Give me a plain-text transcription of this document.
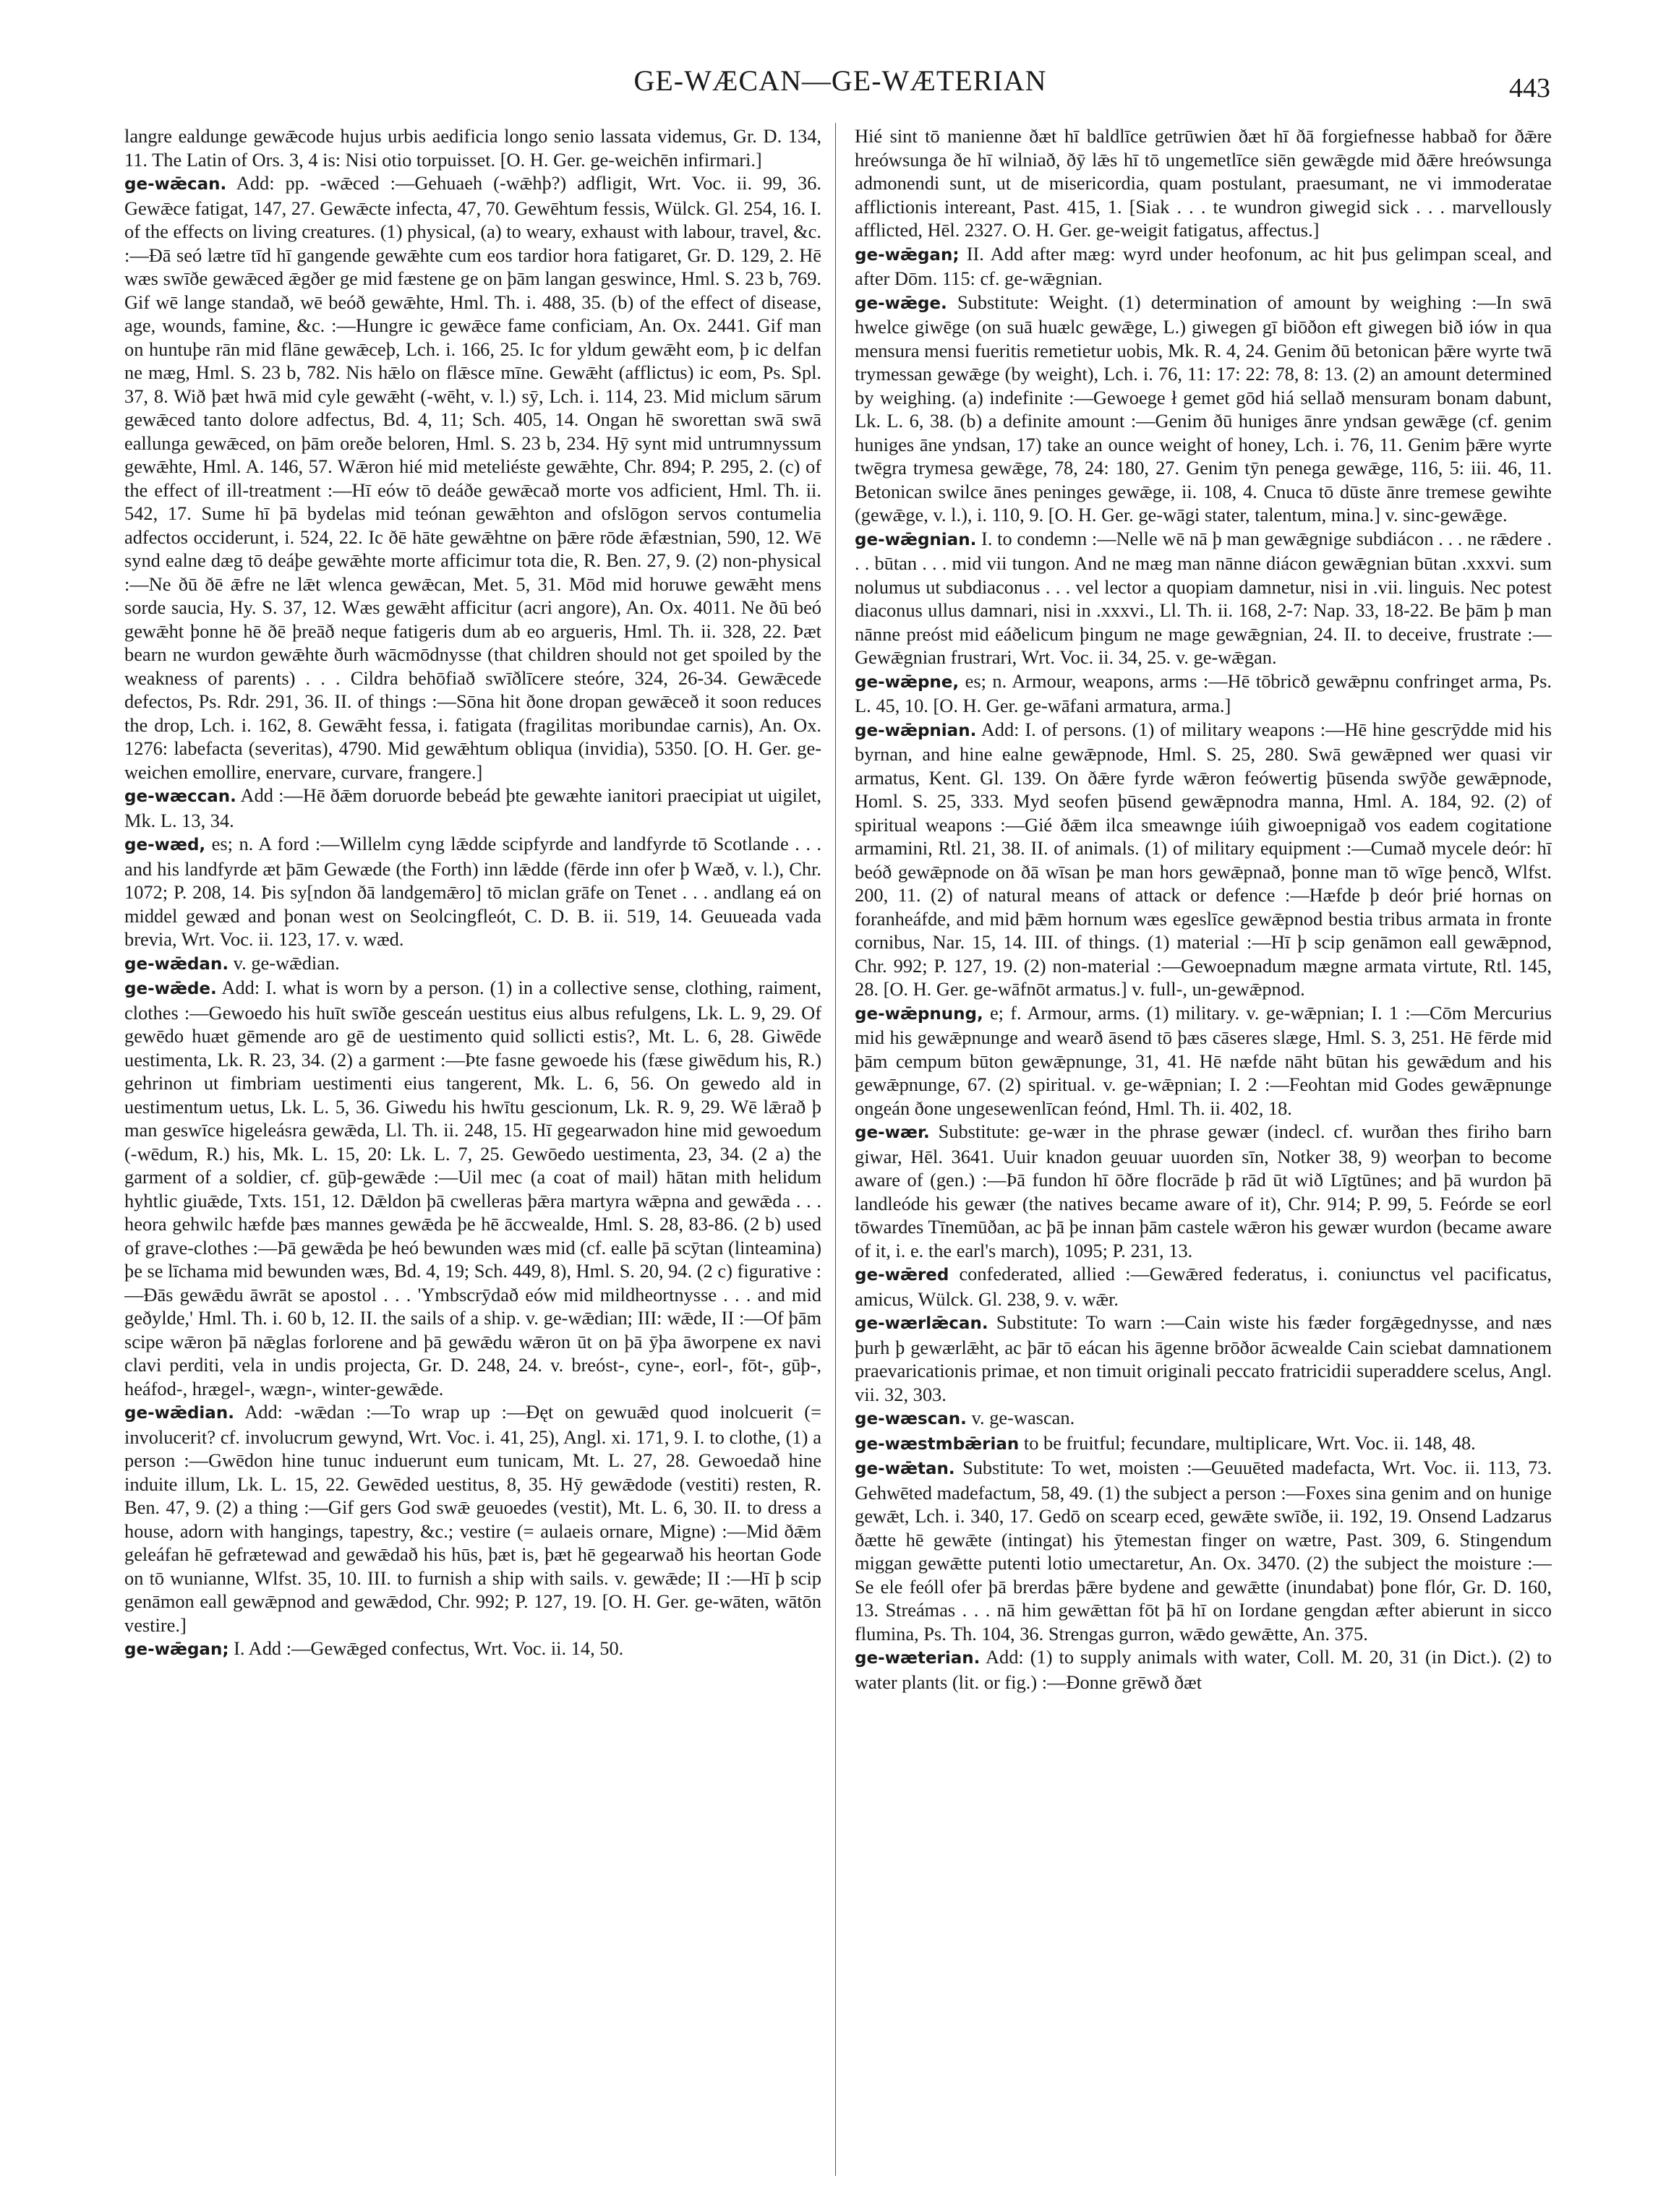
GE-WÆCAN—GE-WÆTERIAN	443

langre ealdunge gewǣcode hujus urbis aedificia longo senio lassata videmus, Gr. D. 134, 11. The Latin of Ors. 3, 4 is: Nisi otio torpuisset. [O. H. Ger. ge-weichēn infirmari.]

ge-wǣcan. Add: pp. -wǣced :—Gehuaeh (-wǣhþ?) adfligit, Wrt. Voc. ii. 99, 36. Gewǣce fatigat, 147, 27. Gewǣcte infecta, 47, 70. Gewēhtum fessis, Wülck. Gl. 254, 16. I. of the effects on living creatures. (1) physical, (a) to weary, exhaust with labour, travel, &c. :—Ðā seó lætre tīd hī gangende gewǣhte cum eos tardior hora fatigaret, Gr. D. 129, 2. Hē wæs swīðe gewǣced ǣgðer ge mid fæstene ge on þām langan geswince, Hml. S. 23 b, 769. Gif wē lange standað, wē beóð gewǣhte, Hml. Th. i. 488, 35. (b) of the effect of disease, age, wounds, famine, &c. :—Hungre ic gewǣce fame conficiam, An. Ox. 2441. Gif man on huntuþe rān mid flāne gewǣceþ, Lch. i. 166, 25. Ic for yldum gewǣht eom, þ ic delfan ne mæg, Hml. S. 23 b, 782. Nis hǣlo on flǣsce mīne. Gewǣht (afflictus) ic eom, Ps. Spl. 37, 8. Wið þæt hwā mid cyle gewǣht (-wēht, v. l.) sȳ, Lch. i. 114, 23. Mid miclum sārum gewǣced tanto dolore adfectus, Bd. 4, 11; Sch. 405, 14. Ongan hē sworettan swā swā eallunga gewǣced, on þām oreðe beloren, Hml. S. 23 b, 234. Hȳ synt mid untrumnyssum gewǣhte, Hml. A. 146, 57. Wǣron hié mid meteliéste gewǣhte, Chr. 894; P. 295, 2. (c) of the effect of ill-treatment :—Hī eów tō deáðe gewǣcað morte vos adficient, Hml. Th. ii. 542, 17. Sume hī þā bydelas mid teónan gewǣhton and ofslōgon servos contumelia adfectos occiderunt, i. 524, 22. Ic ðē hāte gewǣhtne on þǣre rōde ǣfæstnian, 590, 12. Wē synd ealne dæg tō deáþe gewǣhte morte afficimur tota die, R. Ben. 27, 9. (2) non-physical :—Ne ðū ðē ǣfre ne lǣt wlenca gewǣcan, Met. 5, 31. Mōd mid horuwe gewǣht mens sorde saucia, Hy. S. 37, 12. Wæs gewǣht afficitur (acri angore), An. Ox. 4011. Ne ðū beó gewǣht þonne hē ðē þreāð neque fatigeris dum ab eo argueris, Hml. Th. ii. 328, 22. Þæt bearn ne wurdon gewǣhte ðurh wācmōdnysse (that children should not get spoiled by the weakness of parents) . . . Cildra behōfiað swīðlīcere steóre, 324, 26-34. Gewǣcede defectos, Ps. Rdr. 291, 36. II. of things :—Sōna hit ðone dropan gewǣceð it soon reduces the drop, Lch. i. 162, 8. Gewǣht fessa, i. fatigata (fragilitas moribundae carnis), An. Ox. 1276: labefacta (severitas), 4790. Mid gewǣhtum obliqua (invidia), 5350. [O. H. Ger. ge-weichen emollire, enervare, curvare, frangere.]

ge-wæccan. Add :—Hē ðǣm doruorde bebeád þte gewæhte ianitori praecipiat ut uigilet, Mk. L. 13, 34.

ge-wæd, es; n. A ford :—Willelm cyng lǣdde scipfyrde and landfyrde tō Scotlande . . . and his landfyrde æt þām Gewæde (the Forth) inn lǣdde (fērde inn ofer þ Wæð, v. l.), Chr. 1072; P. 208, 14. Þis sy[ndon ðā landgemǣro] tō miclan grāfe on Tenet . . . andlang eá on middel gewæd and þonan west on Seolcingfleót, C. D. B. ii. 519, 14. Geuueada vada brevia, Wrt. Voc. ii. 123, 17. v. wæd.

ge-wǣdan. v. ge-wǣdian.

ge-wǣde. Add: I. what is worn by a person. (1) in a collective sense, clothing, raiment, clothes :—Gewoedo his huīt swīðe gesceán uestitus eius albus refulgens, Lk. L. 9, 29. Of gewēdo huæt gēmende aro gē de uestimento quid sollicti estis?, Mt. L. 6, 28. Giwēde uestimenta, Lk. R. 23, 34. (2) a garment :—Þte fasne gewoede his (fæse giwēdum his, R.) gehrinon ut fimbriam uestimenti eius tangerent, Mk. L. 6, 56. On gewedo ald in uestimentum uetus, Lk. L. 5, 36. Giwedu his hwītu gescionum, Lk. R. 9, 29. Wē lǣrað þ man geswīce higeleásra gewǣda, Ll. Th. ii. 248, 15. Hī gegearwadon hine mid gewoedum (-wēdum, R.) his, Mk. L. 15, 20: Lk. L. 7, 25. Gewōedo uestimenta, 23, 34. (2 a) the garment of a soldier, cf. gūþ-gewǣde :—Uil mec (a coat of mail) hātan mith helidum hyhtlic giuǣde, Txts. 151, 12. Dǣldon þā cwelleras þǣra martyra wǣpna and gewǣda . . . heora gehwilc hæfde þæs mannes gewǣda þe hē āccwealde, Hml. S. 28, 83-86. (2 b) used of grave-clothes :—Þā gewǣda þe heó bewunden wæs mid (cf. ealle þā scȳtan (linteamina) þe se līchama mid bewunden wæs, Bd. 4, 19; Sch. 449, 8), Hml. S. 20, 94. (2 c) figurative :—Ðās gewǣdu āwrāt se apostol . . . 'Ymbscrȳdað eów mid mildheortnysse . . . and mid geðylde,' Hml. Th. i. 60 b, 12. II. the sails of a ship. v. ge-wǣdian; III: wǣde, II :—Of þām scipe wǣron þā nǣglas forlorene and þā gewǣdu wǣron ūt on þā ȳþa āworpene ex navi clavi perditi, vela in undis projecta, Gr. D. 248, 24. v. breóst-, cyne-, eorl-, fōt-, gūþ-, heáfod-, hrægel-, wægn-, winter-gewǣde.

ge-wǣdian. Add: -wǣdan :—To wrap up :—Ðęt on gewuǣd quod inolcuerit (= involucerit? cf. involucrum gewynd, Wrt. Voc. i. 41, 25), Angl. xi. 171, 9. I. to clothe, (1) a person :—Gwēdon hine tunuc induerunt eum tunicam, Mt. L. 27, 28. Gewoedað hine induite illum, Lk. L. 15, 22. Gewēded uestitus, 8, 35. Hȳ gewǣdode (vestiti) resten, R. Ben. 47, 9. (2) a thing :—Gif gers God swǣ geuoedes (vestit), Mt. L. 6, 30. II. to dress a house, adorn with hangings, tapestry, &c.; vestire (= aulaeis ornare, Migne) :—Mid ðǣm geleáfan hē gefrætewad and gewǣdað his hūs, þæt is, þæt hē gegearwað his heortan Gode on tō wunianne, Wlfst. 35, 10. III. to furnish a ship with sails. v. gewǣde; II :—Hī þ scip genāmon eall gewǣpnod and gewǣdod, Chr. 992; P. 127, 19. [O. H. Ger. ge-wāten, wātōn vestire.]

ge-wǣgan; I. Add :—Gewǣged confectus, Wrt. Voc. ii. 14, 50.

Hié sint tō manienne ðæt hī baldlīce getrūwien ðæt hī ðā forgiefnesse habbað for ðǣre hreówsunga ðe hī wilniað, ðȳ lǣs hī tō ungemetlīce siēn gewǣgde mid ðǣre hreówsunga admonendi sunt, ut de misericordia, quam postulant, praesumant, ne vi immoderatae afflictionis intereant, Past. 415, 1. [Siak . . . te wundron giwegid sick . . . marvellously afflicted, Hēl. 2327. O. H. Ger. ge-weigit fatigatus, affectus.]

ge-wǣgan; II. Add after mæg: wyrd under heofonum, ac hit þus gelimpan sceal, and after Dōm. 115: cf. ge-wǣgnian.

ge-wǣge. Substitute: Weight. (1) determination of amount by weighing :—In swā hwelce giwēge (on suā huælc gewǣge, L.) giwegen gī biōðon eft giwegen bið iów in qua mensura mensi fueritis remetietur uobis, Mk. R. 4, 24. Genim ðū betonican þǣre wyrte twā trymessan gewǣge (by weight), Lch. i. 76, 11: 17: 22: 78, 8: 13. (2) an amount determined by weighing. (a) indefinite :—Gewoege ł gemet gōd hiá sellað mensuram bonam dabunt, Lk. L. 6, 38. (b) a definite amount :—Genim ðū huniges ānre yndsan gewǣge (cf. genim huniges āne yndsan, 17) take an ounce weight of honey, Lch. i. 76, 11. Genim þǣre wyrte twēgra trymesa gewǣge, 78, 24: 180, 27. Genim tȳn penega gewǣge, 116, 5: iii. 46, 11. Betonican swilce ānes peninges gewǣge, ii. 108, 4. Cnuca tō dūste ānre tremese gewihte (gewǣge, v. l.), i. 110, 9. [O. H. Ger. ge-wāgi stater, talentum, mina.] v. sinc-gewǣge.

ge-wǣgnian. I. to condemn :—Nelle wē nā þ man gewǣgnige subdiácon . . . ne rǣdere . . . būtan . . . mid vii tungon. And ne mæg man nānne diácon gewǣgnian būtan .xxxvi. sum nolumus ut subdiaconus . . . vel lector a quopiam damnetur, nisi in .vii. linguis. Nec potest diaconus ullus damnari, nisi in .xxxvi., Ll. Th. ii. 168, 2-7: Nap. 33, 18-22. Be þām þ man nānne preóst mid eáðelicum þingum ne mage gewǣgnian, 24. II. to deceive, frustrate :—Gewǣgnian frustrari, Wrt. Voc. ii. 34, 25. v. ge-wǣgan.

ge-wǣpne, es; n. Armour, weapons, arms :—Hē tōbricð gewǣpnu confringet arma, Ps. L. 45, 10. [O. H. Ger. ge-wāfani armatura, arma.]

ge-wǣpnian. Add: I. of persons. (1) of military weapons :—Hē hine gescrȳdde mid his byrnan, and hine ealne gewǣpnode, Hml. S. 25, 280. Swā gewǣpned wer quasi vir armatus, Kent. Gl. 139. On ðǣre fyrde wǣron feówertig þūsenda swȳðe gewǣpnode, Homl. S. 25, 333. Myd seofen þūsend gewǣpnodra manna, Hml. A. 184, 92. (2) of spiritual weapons :—Gié ðǣm ilca smeawnge iúih giwoepnigað vos eadem cogitatione armamini, Rtl. 21, 38. II. of animals. (1) of military equipment :—Cumað mycele deór: hī beóð gewǣpnode on ðā wīsan þe man hors gewǣpnað, þonne man tō wīge þencð, Wlfst. 200, 11. (2) of natural means of attack or defence :—Hæfde þ deór þrié hornas on foranheáfde, and mid þǣm hornum wæs egeslīce gewǣpnod bestia tribus armata in fronte cornibus, Nar. 15, 14. III. of things. (1) material :—Hī þ scip genāmon eall gewǣpnod, Chr. 992; P. 127, 19. (2) non-material :—Gewoepnadum mægne armata virtute, Rtl. 145, 28. [O. H. Ger. ge-wāfnōt armatus.] v. full-, un-gewǣpnod.

ge-wǣpnung, e; f. Armour, arms. (1) military. v. ge-wǣpnian; I. 1 :—Cōm Mercurius mid his gewǣpnunge and wearð āsend tō þæs cāseres slæge, Hml. S. 3, 251. Hē fērde mid þām cempum būton gewǣpnunge, 31, 41. Hē næfde nāht būtan his gewǣdum and his gewǣpnunge, 67. (2) spiritual. v. ge-wǣpnian; I. 2 :—Feohtan mid Godes gewǣpnunge ongeán ðone ungesewenlīcan feónd, Hml. Th. ii. 402, 18.

ge-wær. Substitute: ge-wær in the phrase gewær (indecl. cf. wurðan thes firiho barn giwar, Hēl. 3641. Uuir knadon geuuar uuorden sīn, Notker 38, 9) weorþan to become aware of (gen.) :—Þā fundon hī ōðre flocrāde þ rād ūt wið Līgtūnes; and þā wurdon þā landleóde his gewær (the natives became aware of it), Chr. 914; P. 99, 5. Feórde se eorl tōwardes Tīnemūðan, ac þā þe innan þām castele wǣron his gewær wurdon (became aware of it, i. e. the earl's march), 1095; P. 231, 13.

ge-wǣred confederated, allied :—Gewǣred federatus, i. coniunctus vel pacificatus, amicus, Wülck. Gl. 238, 9. v. wǣr.

ge-wærlǣcan. Substitute: To warn :—Cain wiste his fæder forgǣgednysse, and næs þurh þ gewærlǣht, ac þār tō eácan his āgenne brōðor ācwealde Cain sciebat damnationem praevaricationis primae, et non timuit originali peccato fratricidii superaddere scelus, Angl. vii. 32, 303.

ge-wæscan. v. ge-wascan.

ge-wæstmbǣrian to be fruitful; fecundare, multiplicare, Wrt. Voc. ii. 148, 48.

ge-wǣtan. Substitute: To wet, moisten :—Geuuēted madefacta, Wrt. Voc. ii. 113, 73. Gehwēted madefactum, 58, 49. (1) the subject a person :—Foxes sina genim and on hunige gewǣt, Lch. i. 340, 17. Gedō on scearp eced, gewǣte swīðe, ii. 192, 19. Onsend Ladzarus ðætte hē gewǣte (intingat) his ȳtemestan finger on wætre, Past. 309, 6. Stingendum miggan gewǣtte putenti lotio umectaretur, An. Ox. 3470. (2) the subject the moisture :—Se ele feóll ofer þā brerdas þǣre bydene and gewǣtte (inundabat) þone flór, Gr. D. 160, 13. Streámas . . . nā him gewǣttan fōt þā hī on Iordane gengdan æfter abierunt in sicco flumina, Ps. Th. 104, 36. Strengas gurron, wǣdo gewǣtte, An. 375.

ge-wæterian. Add: (1) to supply animals with water, Coll. M. 20, 31 (in Dict.). (2) to water plants (lit. or fig.) :—Ðonne grēwð ðæt
